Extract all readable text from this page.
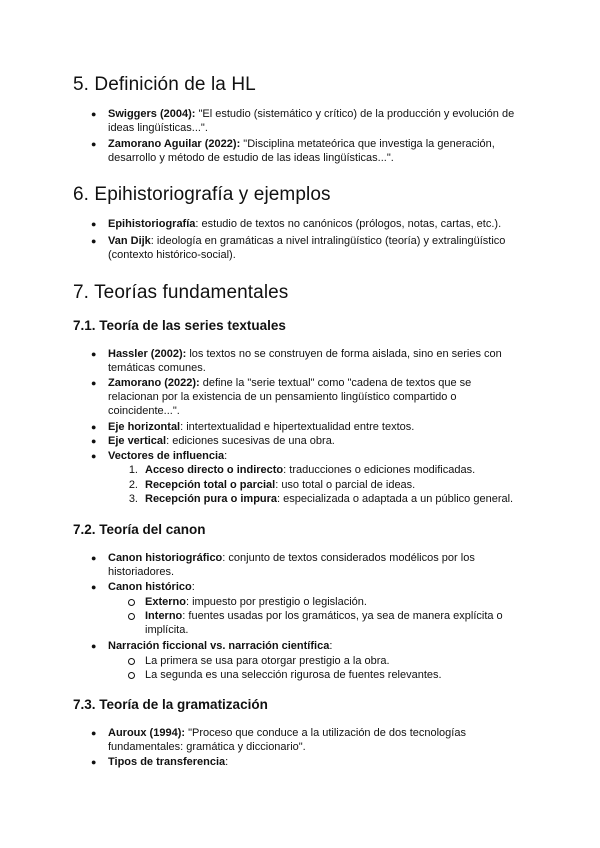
5. Definición de la HL
● Swiggers (2004): "El estudio (sistemático y crítico) de la producción y evolución de
ideas lingüísticas...".
● Zamorano Aguilar (2022): "Disciplina metateórica que investiga la generación,
desarrollo y método de estudio de las ideas lingüísticas...".
6. Epihistoriografía y ejemplos
● Epihistoriografía: estudio de textos no canónicos (prólogos, notas, cartas, etc.).
● Van Dijk: ideología en gramáticas a nivel intralingüístico (teoría) y extralingüístico
(contexto histórico-social).
7. Teorías fundamentales
7.1. Teoría de las series textuales
● Hassler (2002): los textos no se construyen de forma aislada, sino en series con
temáticas comunes.
● Zamorano (2022): define la "serie textual" como "cadena de textos que se
relacionan por la existencia de un pensamiento lingüístico compartido o
coincidente...".
● Eje horizontal: intertextualidad e hipertextualidad entre textos.
● Eje vertical: ediciones sucesivas de una obra.
● Vectores de influencia:
1. Acceso directo o indirecto: traducciones o ediciones modificadas.
2. Recepción total o parcial: uso total o parcial de ideas.
3. Recepción pura o impura: especializada o adaptada a un público general.
7.2. Teoría del canon
● Canon historiográfico: conjunto de textos considerados modélicos por los
historiadores.
● Canon histórico:
Externo: impuesto por prestigio o legislación.
Interno: fuentes usadas por los gramáticos, ya sea de manera explícita o
implícita.
● Narración ficcional vs. narración científica:
La primera se usa para otorgar prestigio a la obra.
La segunda es una selección rigurosa de fuentes relevantes.
7.3. Teoría de la gramatización
● Auroux (1994): "Proceso que conduce a la utilización de dos tecnologías
fundamentales: gramática y diccionario".
● Tipos de transferencia:
